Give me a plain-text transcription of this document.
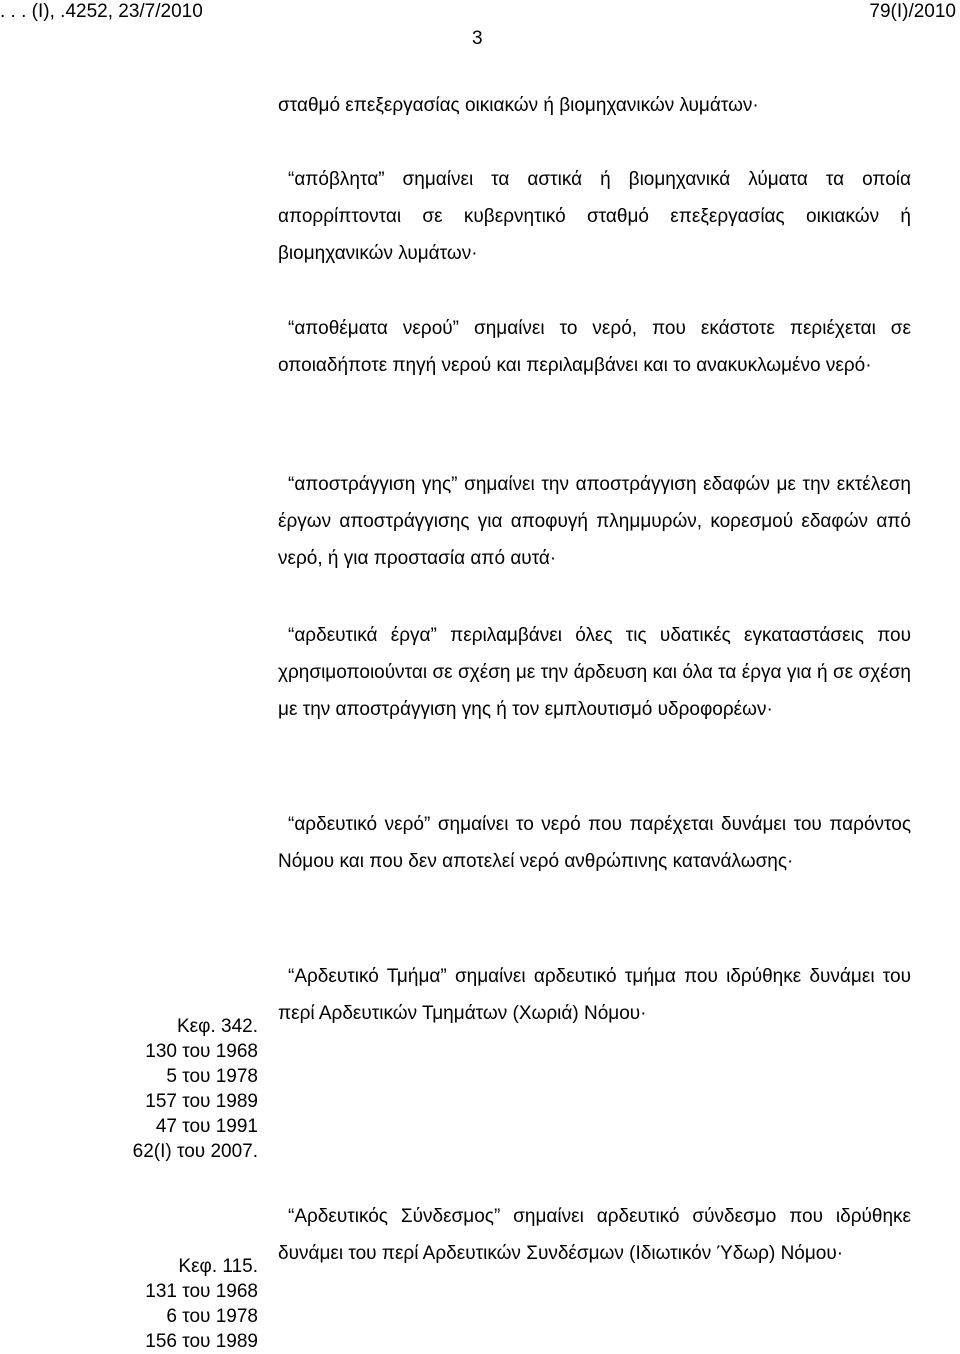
. . . (Ι), .4252, 23/7/2010	79(Ι)/2010
3
σταθμό επεξεργασίας οικιακών ή βιομηχανικών λυμάτων·
“απόβλητα” σημαίνει τα αστικά ή βιομηχανικά λύματα τα οποία απορρίπτονται σε κυβερνητικό σταθμό επεξεργασίας οικιακών ή βιομηχανικών λυμάτων·
“αποθέματα νερού” σημαίνει το νερό, που εκάστοτε περιέχεται σε οποιαδήποτε πηγή νερού και περιλαμβάνει και το ανακυκλωμένο νερό·
“αποστράγγιση γης” σημαίνει την αποστράγγιση εδαφών με την εκτέλεση έργων αποστράγγισης για αποφυγή πλημμυρών, κορεσμού εδαφών από νερό, ή για προστασία από αυτά·
“αρδευτικά έργα” περιλαμβάνει όλες τις υδατικές εγκαταστάσεις που χρησιμοποιούνται σε σχέση με την άρδευση και όλα τα έργα για ή σε σχέση με την αποστράγγιση γης ή τον εμπλουτισμό υδροφορέων·
“αρδευτικό νερό” σημαίνει το νερό που παρέχεται δυνάμει του παρόντος Νόμου και που δεν αποτελεί νερό ανθρώπινης κατανάλωσης·
“Αρδευτικό Τμήμα” σημαίνει αρδευτικό τμήμα που ιδρύθηκε δυνάμει του περί Αρδευτικών Τμημάτων (Χωριά) Νόμου·
“Αρδευτικός Σύνδεσμος” σημαίνει αρδευτικό σύνδεσμο που ιδρύθηκε δυνάμει του περί Αρδευτικών Συνδέσμων (Ιδιωτικόν Ύδωρ) Νόμου·
Κεφ. 342.
130 του 1968
5 του 1978
157 του 1989
47 του 1991
62(I) του 2007.
Κεφ. 115.
131 του 1968
6 του 1978
156 του 1989
